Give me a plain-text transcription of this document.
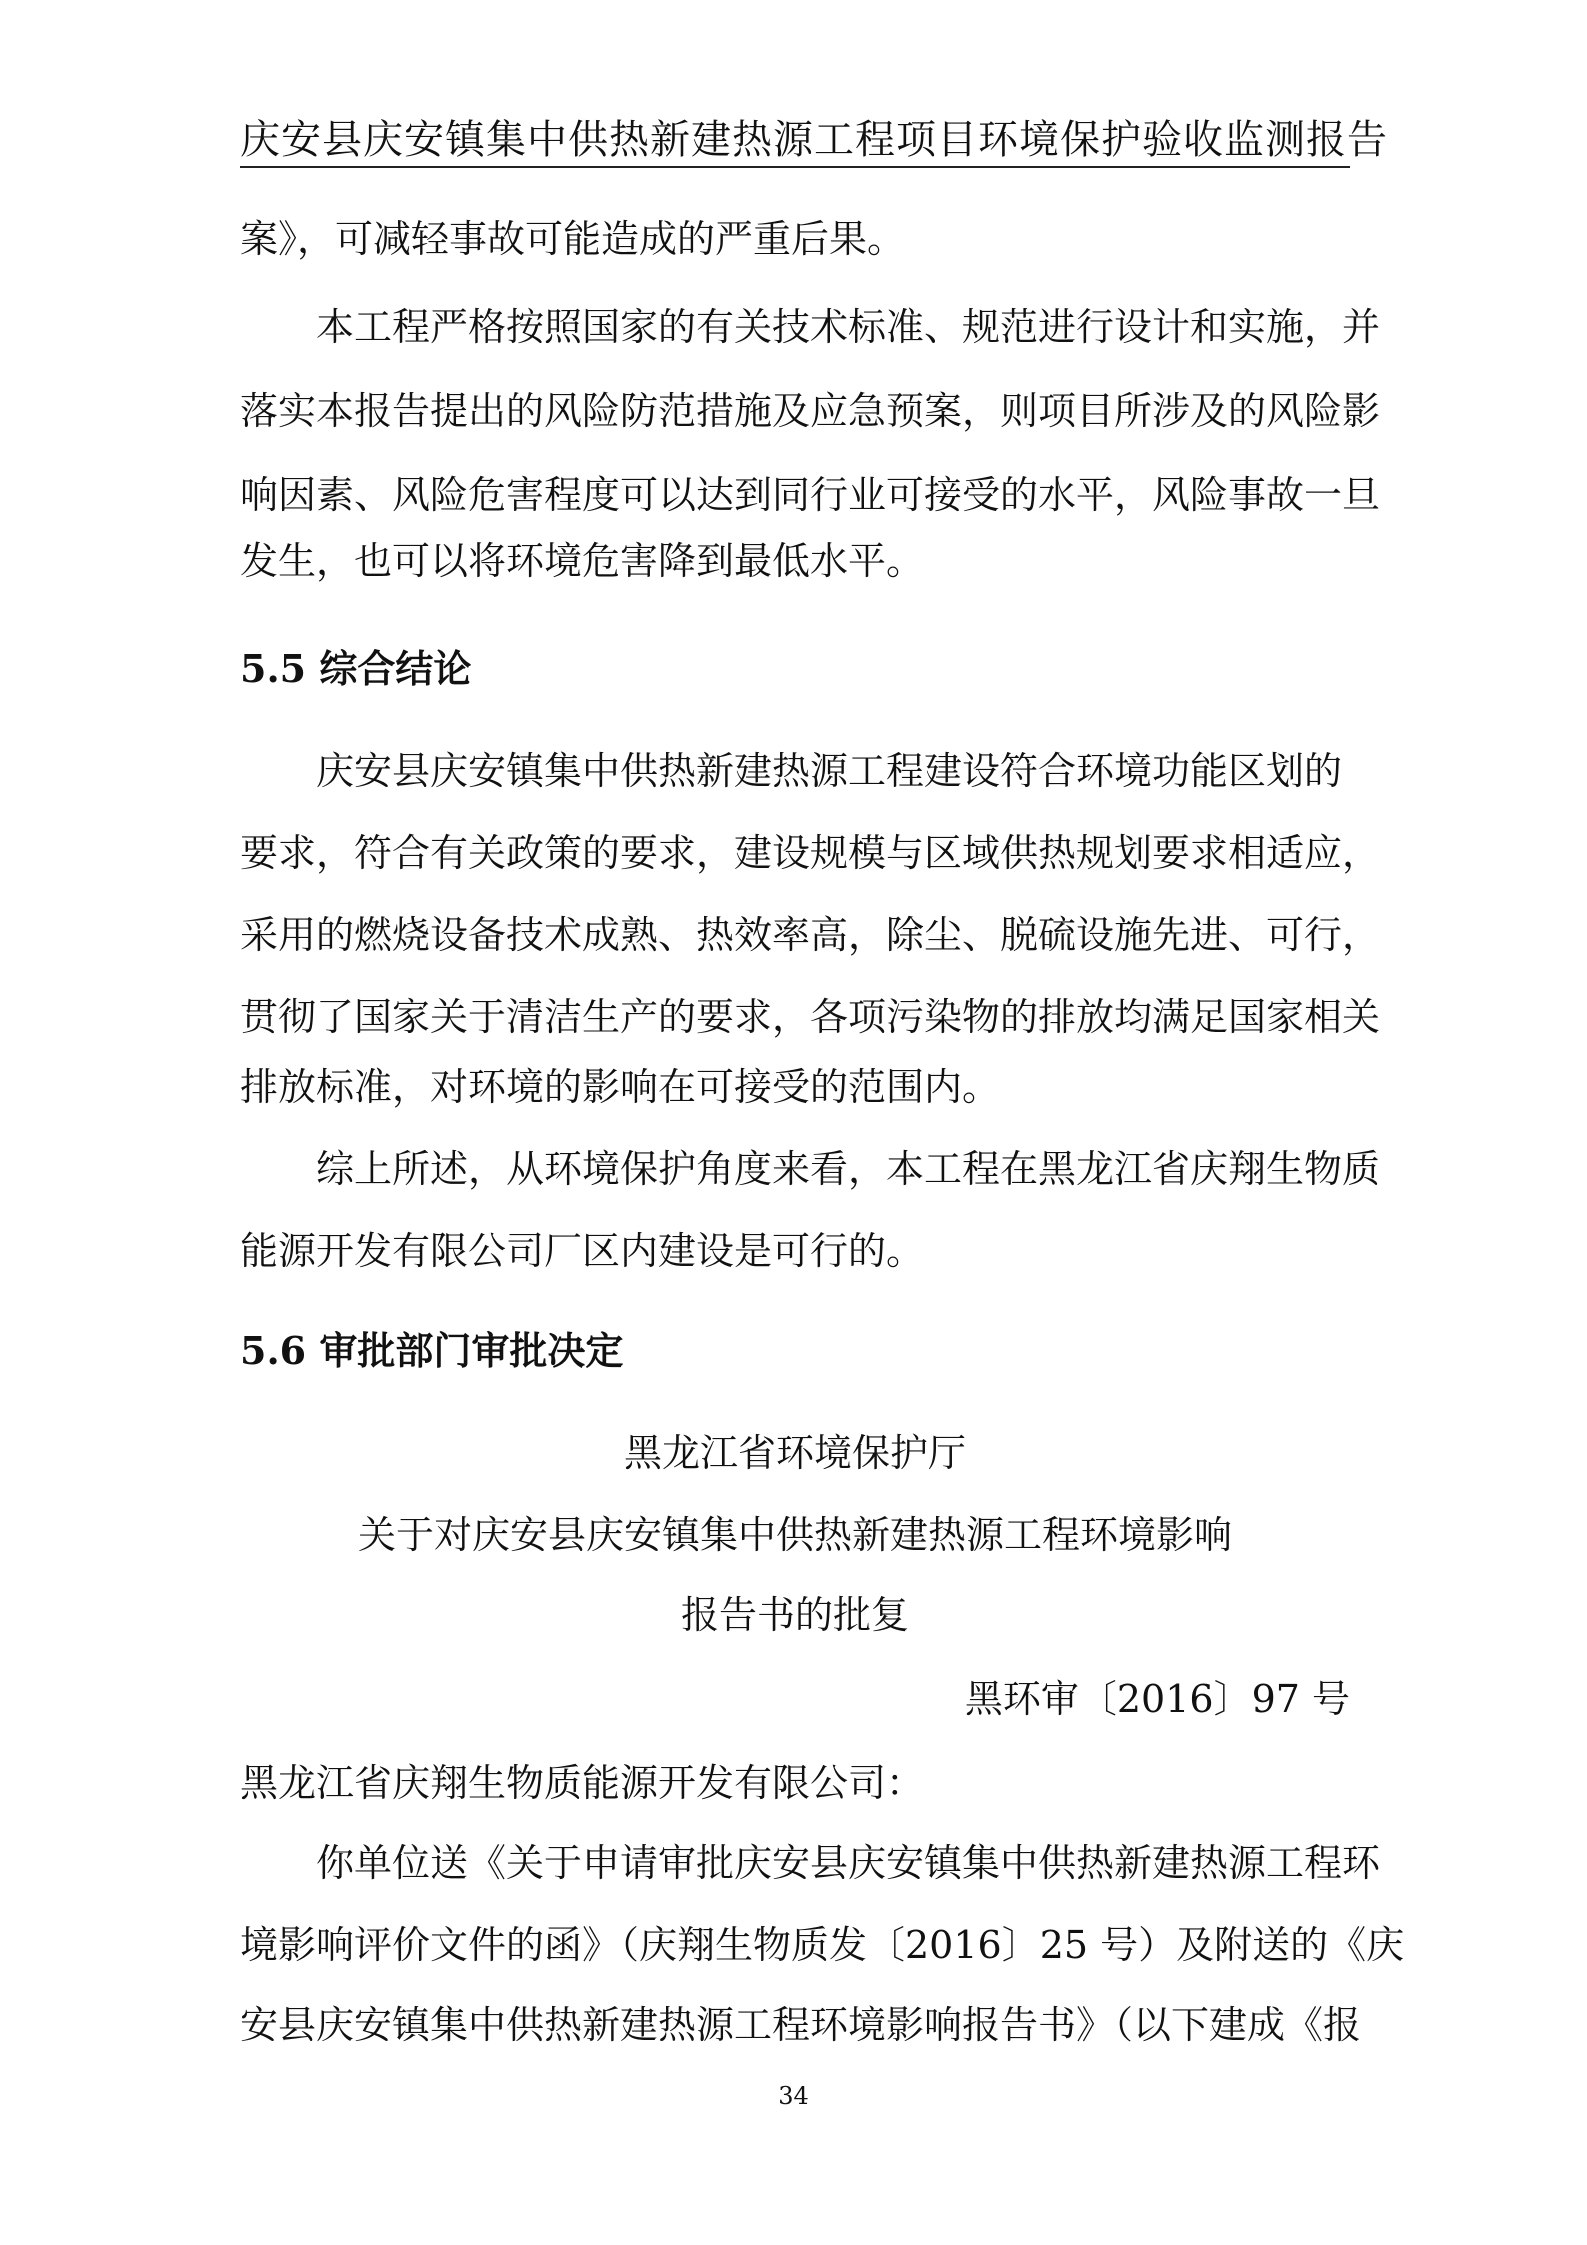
庆安县庆安镇集中供热新建热源工程项目环境保护验收监测报告
案》，可减轻事故可能造成的严重后果。
本工程严格按照国家的有关技术标准、规范进行设计和实施，并
落实本报告提出的风险防范措施及应急预案，则项目所涉及的风险影
响因素、风险危害程度可以达到同行业可接受的水平，风险事故一旦
发生，也可以将环境危害降到最低水平。
5.5 综合结论
庆安县庆安镇集中供热新建热源工程建设符合环境功能区划的
要求，符合有关政策的要求，建设规模与区域供热规划要求相适应，
采用的燃烧设备技术成熟、热效率高，除尘、脱硫设施先进、可行，
贯彻了国家关于清洁生产的要求，各项污染物的排放均满足国家相关
排放标准，对环境的影响在可接受的范围内。
综上所述，从环境保护角度来看，本工程在黑龙江省庆翔生物质
能源开发有限公司厂区内建设是可行的。
5.6 审批部门审批决定
黑龙江省环境保护厅
关于对庆安县庆安镇集中供热新建热源工程环境影响
报告书的批复
黑环审〔2016〕97 号
黑龙江省庆翔生物质能源开发有限公司：
你单位送《关于申请审批庆安县庆安镇集中供热新建热源工程环
境影响评价文件的函》（庆翔生物质发〔2016〕25 号）及附送的《庆
安县庆安镇集中供热新建热源工程环境影响报告书》（以下建成《报
34
